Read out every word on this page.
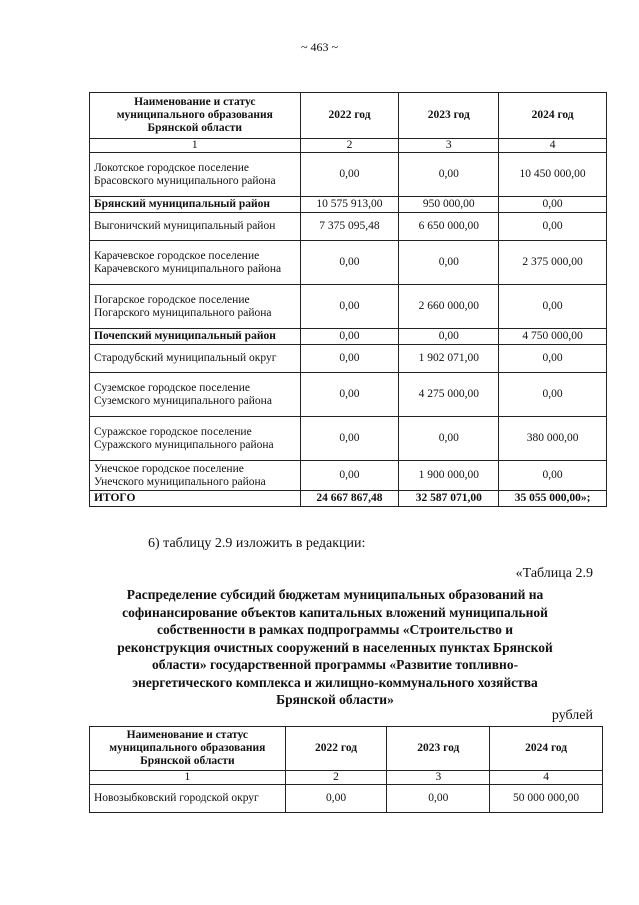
~ 463 ~
Наименование и статус муниципального образования Брянской области	2022 год	2023 год	2024 год
1	2	3	4
Локотское городское поселение Брасовского муниципального района	0,00	0,00	10 450 000,00
Брянский муниципальный район	10 575 913,00	950 000,00	0,00
Выгоничский муниципальный район	7 375 095,48	6 650 000,00	0,00
Карачевское городское поселение Карачевского муниципального района	0,00	0,00	2 375 000,00
Погарское городское поселение Погарского муниципального района	0,00	2 660 000,00	0,00
Почепский муниципальный район	0,00	0,00	4 750 000,00
Стародубский муниципальный округ	0,00	1 902 071,00	0,00
Суземское городское поселение Суземского муниципального района	0,00	4 275 000,00	0,00
Суражское городское поселение Суражского муниципального района	0,00	0,00	380 000,00
Унечское городское поселение Унечского муниципального района	0,00	1 900 000,00	0,00
ИТОГО	24 667 867,48	32 587 071,00	35 055 000,00»;
6) таблицу 2.9 изложить в редакции:
«Таблица 2.9
Распределение субсидий бюджетам муниципальных образований на софинансирование объектов капитальных вложений муниципальной собственности в рамках подпрограммы «Строительство и реконструкция очистных сооружений в населенных пунктах Брянской области» государственной программы «Развитие топливно-энергетического комплекса и жилищно-коммунального хозяйства Брянской области»
рублей
Наименование и статус муниципального образования Брянской области	2022 год	2023 год	2024 год
1	2	3	4
Новозыбковский городской округ	0,00	0,00	50 000 000,00
